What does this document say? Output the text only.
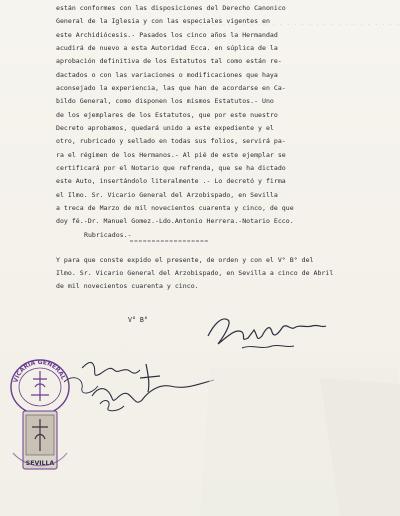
. . . . . . . . . . . . . . . . . . . . . . . . . . . . .
están conformes con las disposiciones del Derecho Canonico
General de la Iglesia y con las especiales vigentes en
este Archidiócesis.- Pasados los cinco años la Hermandad
acudirá de nuevo a esta Autoridad Ecca. en súplica de la
aprobación definitiva de los Estatutos tal como están re-
dactados o con las variaciones o modificaciones que haya
aconsejado la experiencia, las que han de acordarse en Ca-
bildo General, como disponen los mismos Estatutos.- Uno
de los ejemplares de los Estatutos, que por este nuestro
Decreto aprobamos, quedará unido a este expediente y el
otro, rubricado y sellado en todas sus folios, servirá pa-
ra el régimen de los Hermanos.- Al pié de este ejemplar se
certificará por el Notario que refrenda, que se ha dictado
este Auto, insertándolo literalmente .- Lo decretó y firma
el Ilmo. Sr. Vicario General del Arzobispado, en Sevilla
a treca de Marzo de mil novecientos cuarenta y cinco, de que
doy fé.-Dr. Manuel Gomez.-Ldo.Antonio Herrera.-Notario Ecco.
Rubricados.-
Y para que conste expido el presente, de orden y con el V° B° del
Ilmo. Sr. Vicario General del Arzobispado, en Sevilla a cinco de Abril
de mil novecientos cuarenta y cinco.
V° B°
VICARIA GENERAL
SEVILLA
